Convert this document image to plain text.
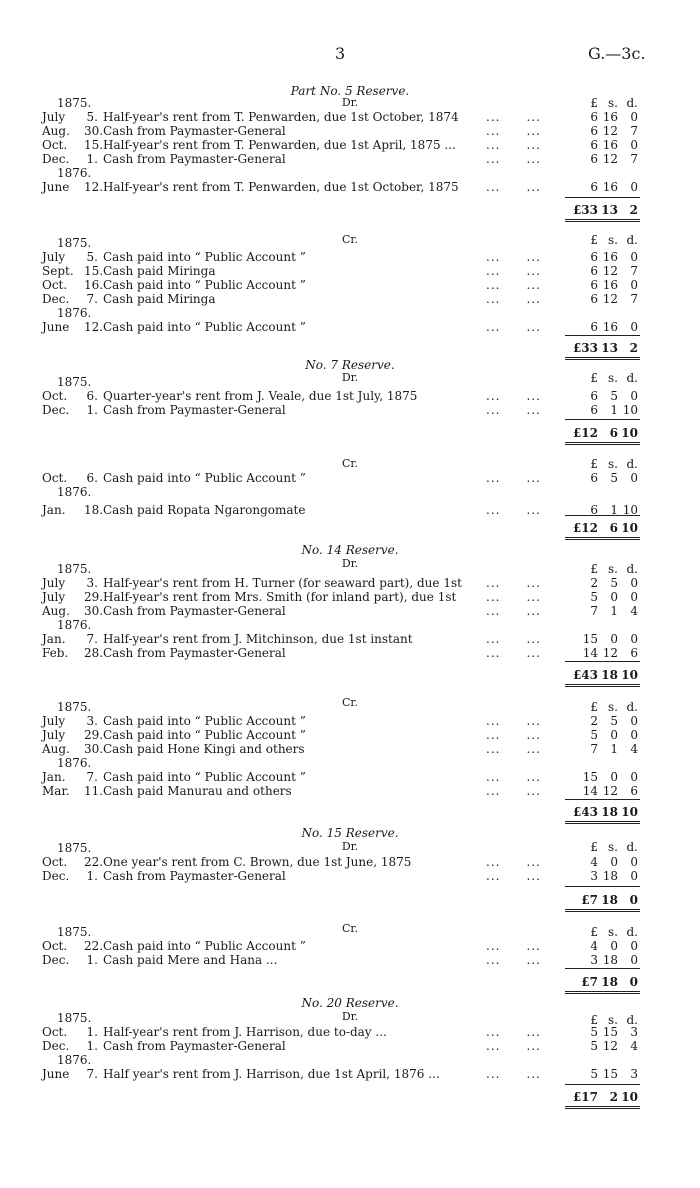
3	G.—3c.
Part No. 5 Reserve.
Dr.	£ s. d.
1875.
July	5. Half-year's rent from T. Penwarden, due 1st October, 1874 ...  ...	6 16	0
Aug.	30. Cash from Paymaster-General	...  ...	6 12	7
Oct.	15. Half-year's rent from T. Penwarden, due 1st April, 1875 ...	...  ...	6 16	0
Dec.	1. Cash from Paymaster-General	...  ...	6 12	7
1876.
June	12. Half-year's rent from T. Penwarden, due 1st October, 1875 ...  ...	6 16	0
£33 13 2
Cr.	£ s. d.
1875.
July	5. Cash paid into “ Public Account ”	...  ...	6 16	0
Sept. 15. Cash paid Miringa	...  ...	6 12	7
Oct.	16. Cash paid into “ Public Account ”	...  ...	6 16	0
Dec.	7. Cash paid Miringa	...  ...	6 12	7
1876.
June	12. Cash paid into “ Public Account ”	...  ...	6 16	0
£33 13 2
No. 7 Reserve.
Dr.	£ s. d.
1875.
Oct.	6. Quarter-year's rent from J. Veale, due 1st July, 1875	...  ...	6	5	0
Dec.	1. Cash from Paymaster-General	...  ...	6	1 10
£12 6 10
Cr.	£ s. d.
Oct.	6. Cash paid into “ Public Account ”	...  ...	6	5	0
1876.
Jan.	18. Cash paid Ropata Ngarongomate	...  ...	6	1 10
£12 6 10
No. 14 Reserve.
Dr.	£ s. d.
1875.
July	3. Half-year's rent from H. Turner (for seaward part), due 1st ...  ...	2	5	0
July	29. Half-year's rent from Mrs. Smith (for inland part), due 1st ...  ...	5	0	0
Aug.	30. Cash from Paymaster-General	...  ...	7	1	4
1876.
Jan.	7. Half-year's rent from J. Mitchinson, due 1st instant	...  ...	15	0	0
Feb.	28. Cash from Paymaster-General	...  ...	14 12	6
£43 18 10
Cr.	£ s. d.
1875.
July	3. Cash paid into “ Public Account ”	...  ...	2	5	0
July	29. Cash paid into “ Public Account ”	...  ...	5	0	0
Aug.	30. Cash paid Hone Kingi and others	...  ...	7	1	4
1876.
Jan.	7. Cash paid into “ Public Account ”	...  ...	15	0	0
Mar.	11. Cash paid Manurau and others	...  ...	14 12	6
£43 18 10
No. 15 Reserve.
Dr.	£ s. d.
1875.
Oct.	22. One year's rent from C. Brown, due 1st June, 1875	...  ...	4	0	0
Dec.	1. Cash from Paymaster-General	...  ...	3 18	0
£7 18 0
Cr.	£ s. d.
1875.
Oct.	22. Cash paid into “ Public Account ”	...  ...	4	0	0
Dec.	1. Cash paid Mere and Hana ...	...  ...	3 18	0
£7 18 0
No. 20 Reserve.
Dr.	£ s. d.
1875.
Oct.	1. Half-year's rent from J. Harrison, due to-day ...	...  ...	5 15	3
Dec.	1. Cash from Paymaster-General	...  ...	5 12	4
1876.
June	7. Half year's rent from J. Harrison, due 1st April, 1876 ...	...  ...	5 15	3
£17 2 10
